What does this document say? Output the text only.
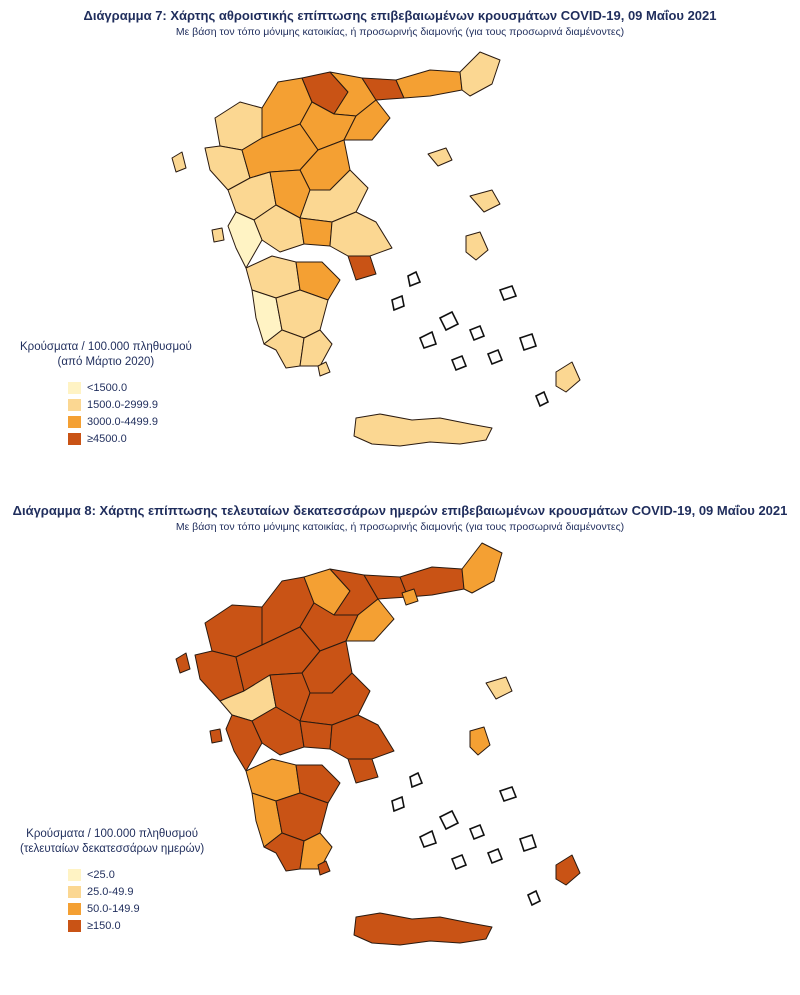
Διάγραμμα 7: Χάρτης αθροιστικής επίπτωσης επιβεβαιωμένων κρουσμάτων COVID-19, 09 Μαΐου 2021
Με βάση τον τόπο μόνιμης κατοικίας, ή προσωρινής διαμονής (για τους προσωρινά διαμένοντες)
Κρούσματα / 100.000 πληθυσμού
(από Μάρτιο 2020)
<1500.0
1500.0-2999.9
3000.0-4499.9
≥4500.0
Διάγραμμα 8: Χάρτης επίπτωσης τελευταίων δεκατεσσάρων ημερών επιβεβαιωμένων κρουσμάτων COVID-19, 09 Μαΐου 2021
Με βάση τον τόπο μόνιμης κατοικίας, ή προσωρινής διαμονής (για τους προσωρινά διαμένοντες)
Κρούσματα / 100.000 πληθυσμού
(τελευταίων δεκατεσσάρων ημερών)
<25.0
25.0-49.9
50.0-149.9
≥150.0
